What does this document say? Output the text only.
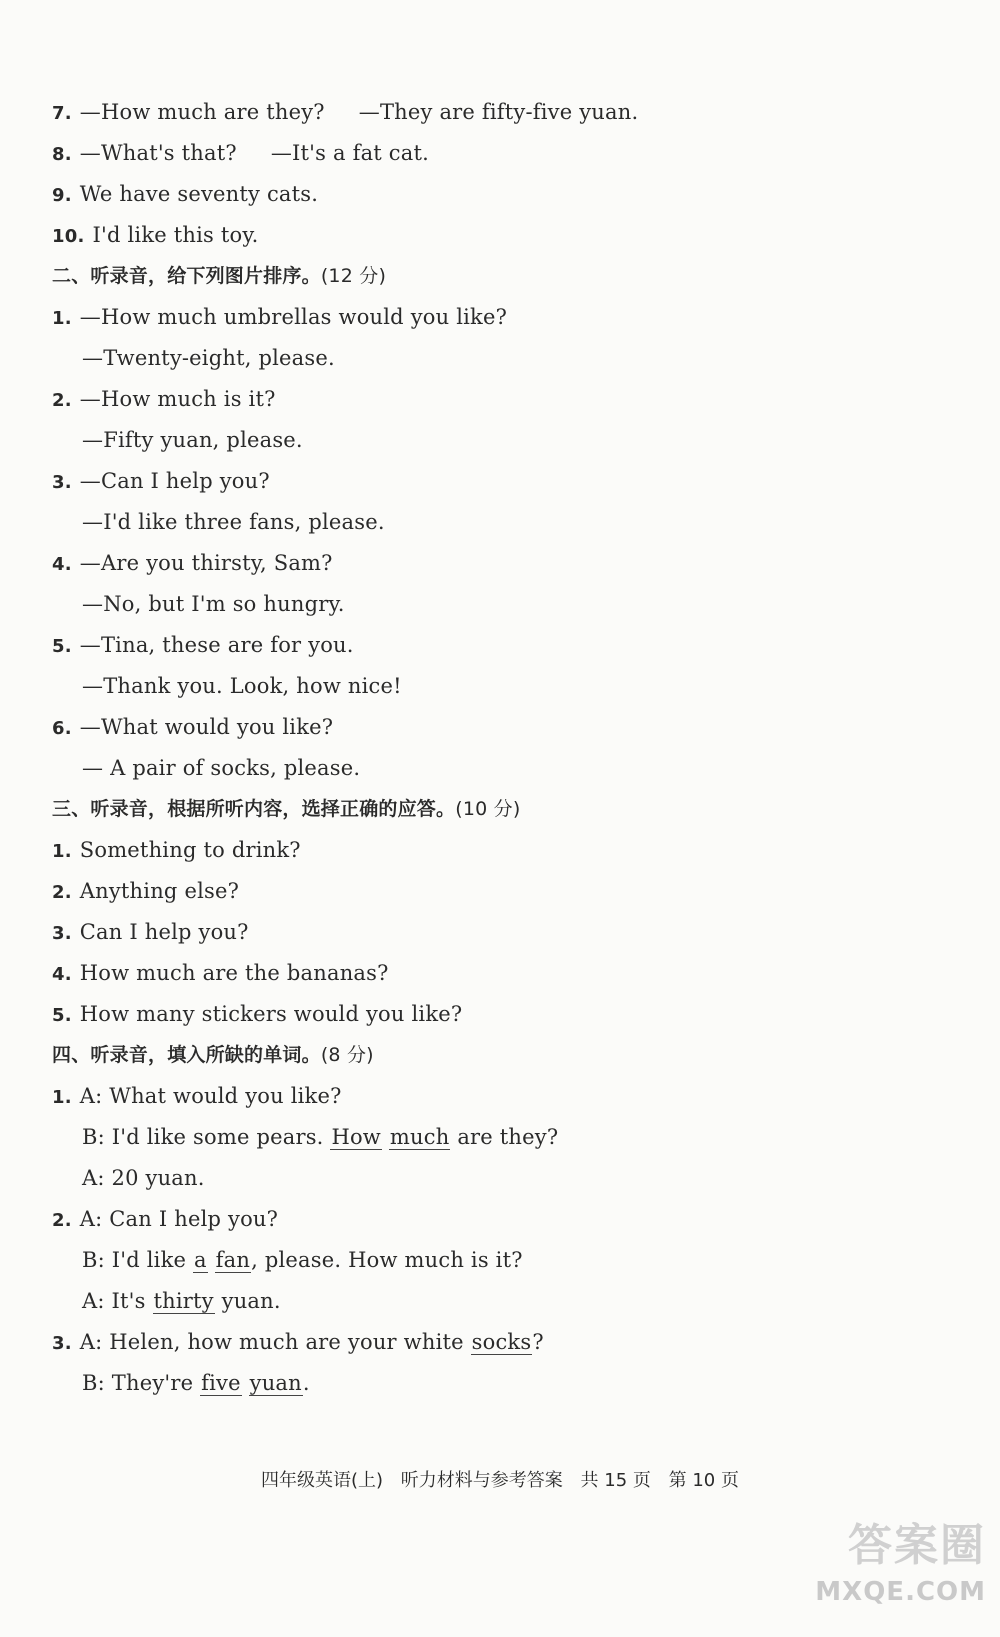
7. —How much are they? —They are fifty-five yuan.
8. —What's that? —It's a fat cat.
9. We have seventy cats.
10. I'd like this toy.
二、听录音，给下列图片排序。(12 分)
1. —How much umbrellas would you like?
—Twenty-eight, please.
2. —How much is it?
—Fifty yuan, please.
3. —Can I help you?
—I'd like three fans, please.
4. —Are you thirsty, Sam?
—No, but I'm so hungry.
5. —Tina, these are for you.
—Thank you. Look, how nice!
6. —What would you like?
— A pair of socks, please.
三、听录音，根据所听内容，选择正确的应答。(10 分)
1. Something to drink?
2. Anything else?
3. Can I help you?
4. How much are the bananas?
5. How many stickers would you like?
四、听录音，填入所缺的单词。(8 分)
1. A: What would you like?
B: I'd like some pears. How much are they?
A: 20 yuan.
2. A: Can I help you?
B: I'd like a fan, please. How much is it?
A: It's thirty yuan.
3. A: Helen, how much are your white socks?
B: They're five yuan.
四年级英语(上) 听力材料与参考答案 共 15 页 第 10 页
答案圈
MXQE.COM
